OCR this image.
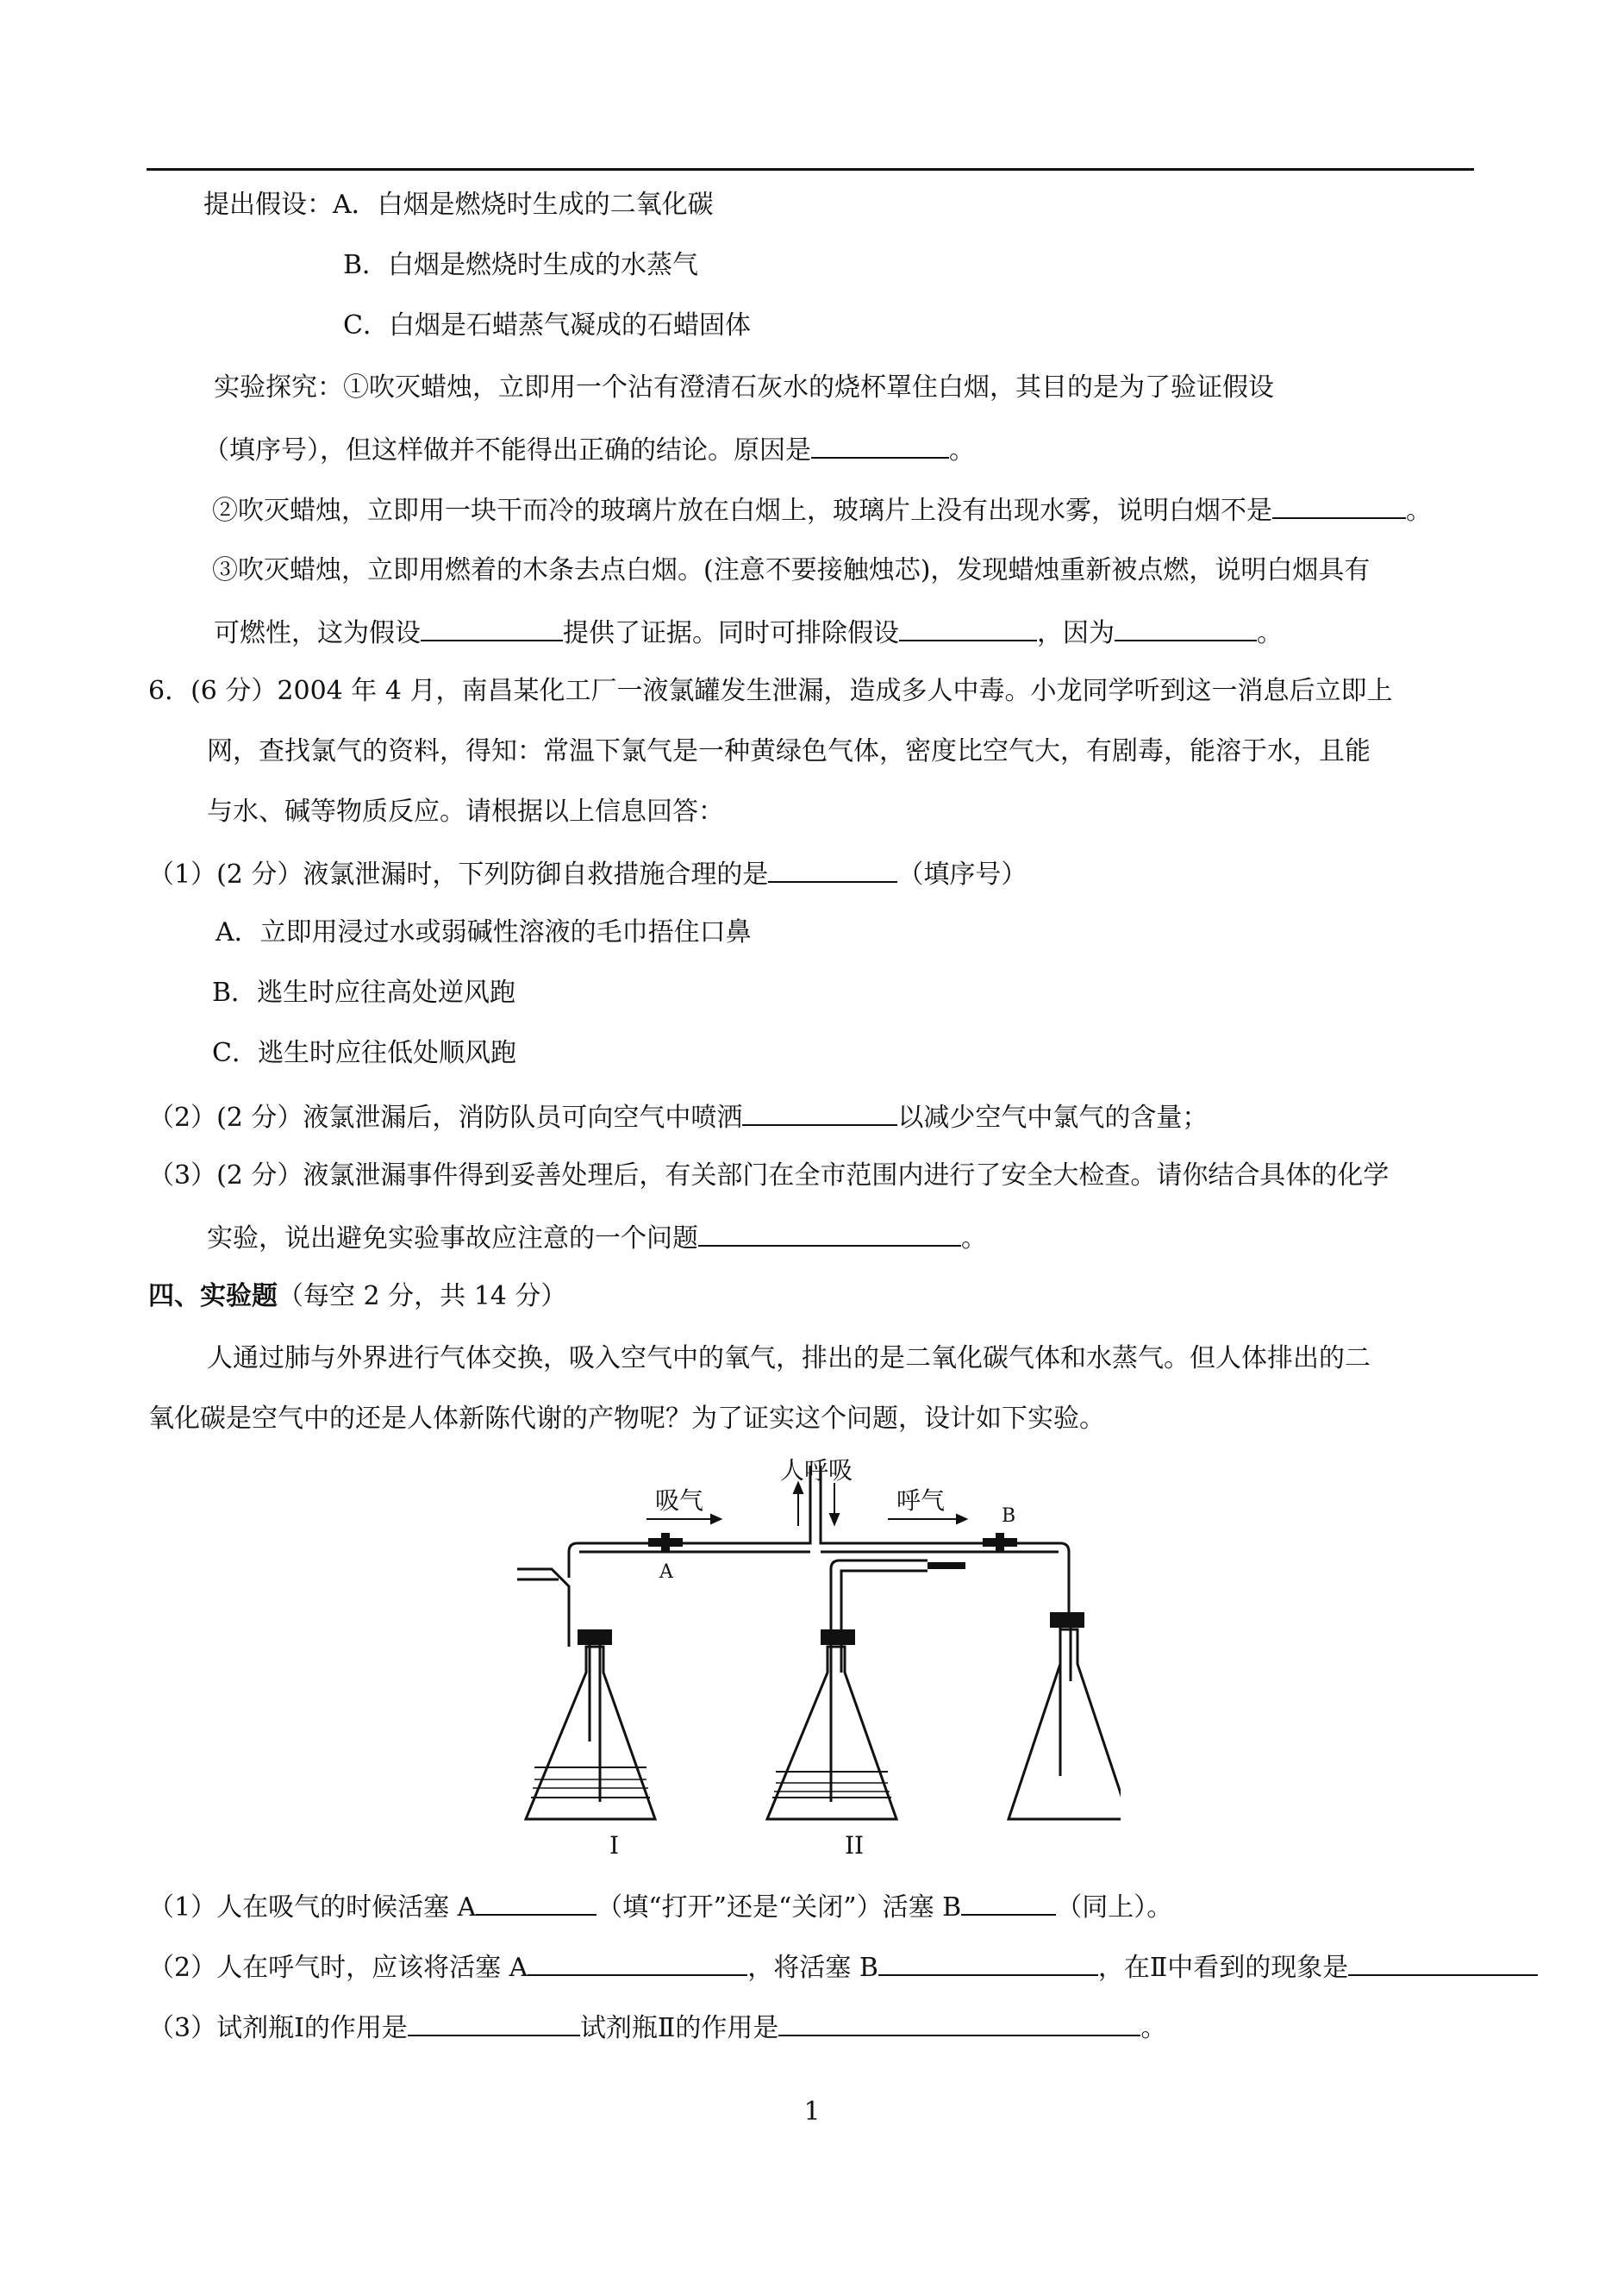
提出假设：A．白烟是燃烧时生成的二氧化碳
B．白烟是燃烧时生成的水蒸气
C．白烟是石蜡蒸气凝成的石蜡固体
实验探究：①吹灭蜡烛，立即用一个沾有澄清石灰水的烧杯罩住白烟，其目的是为了验证假设
（填序号），但这样做并不能得出正确的结论。原因是	。
②吹灭蜡烛，立即用一块干而冷的玻璃片放在白烟上，玻璃片上没有出现水雾，说明白烟不是	。
③吹灭蜡烛，立即用燃着的木条去点白烟。(注意不要接触烛芯)，发现蜡烛重新被点燃，说明白烟具有
可燃性，这为假设	提供了证据。同时可排除假设	，因为	。
6．(6 分）2004 年 4 月，南昌某化工厂一液氯罐发生泄漏，造成多人中毒。小龙同学听到这一消息后立即上
网，查找氯气的资料，得知：常温下氯气是一种黄绿色气体，密度比空气大，有剧毒，能溶于水，且能
与水、碱等物质反应。请根据以上信息回答：
（1）(2 分）液氯泄漏时，下列防御自救措施合理的是	（填序号）
A．立即用浸过水或弱碱性溶液的毛巾捂住口鼻
B．逃生时应往高处逆风跑
C．逃生时应往低处顺风跑
（2）(2 分）液氯泄漏后，消防队员可向空气中喷洒	以减少空气中氯气的含量；
（3）(2 分）液氯泄漏事件得到妥善处理后，有关部门在全市范围内进行了安全大检查。请你结合具体的化学
实验，说出避免实验事故应注意的一个问题	。
四、实验题（每空 2 分，共 14 分）
人通过肺与外界进行气体交换，吸入空气中的氧气，排出的是二氧化碳气体和水蒸气。但人体排出的二
氧化碳是空气中的还是人体新陈代谢的产物呢？为了证实这个问题，设计如下实验。
人呼吸
吸气	呼气
A
B
I	II
（1）人在吸气的时候活塞 A	（填“打开”还是“关闭”）活塞 B	（同上）。
（2）人在呼气时，应该将活塞 A	，将活塞 B	，在Ⅱ中看到的现象是
（3）试剂瓶Ⅰ的作用是	试剂瓶Ⅱ的作用是	。
1
